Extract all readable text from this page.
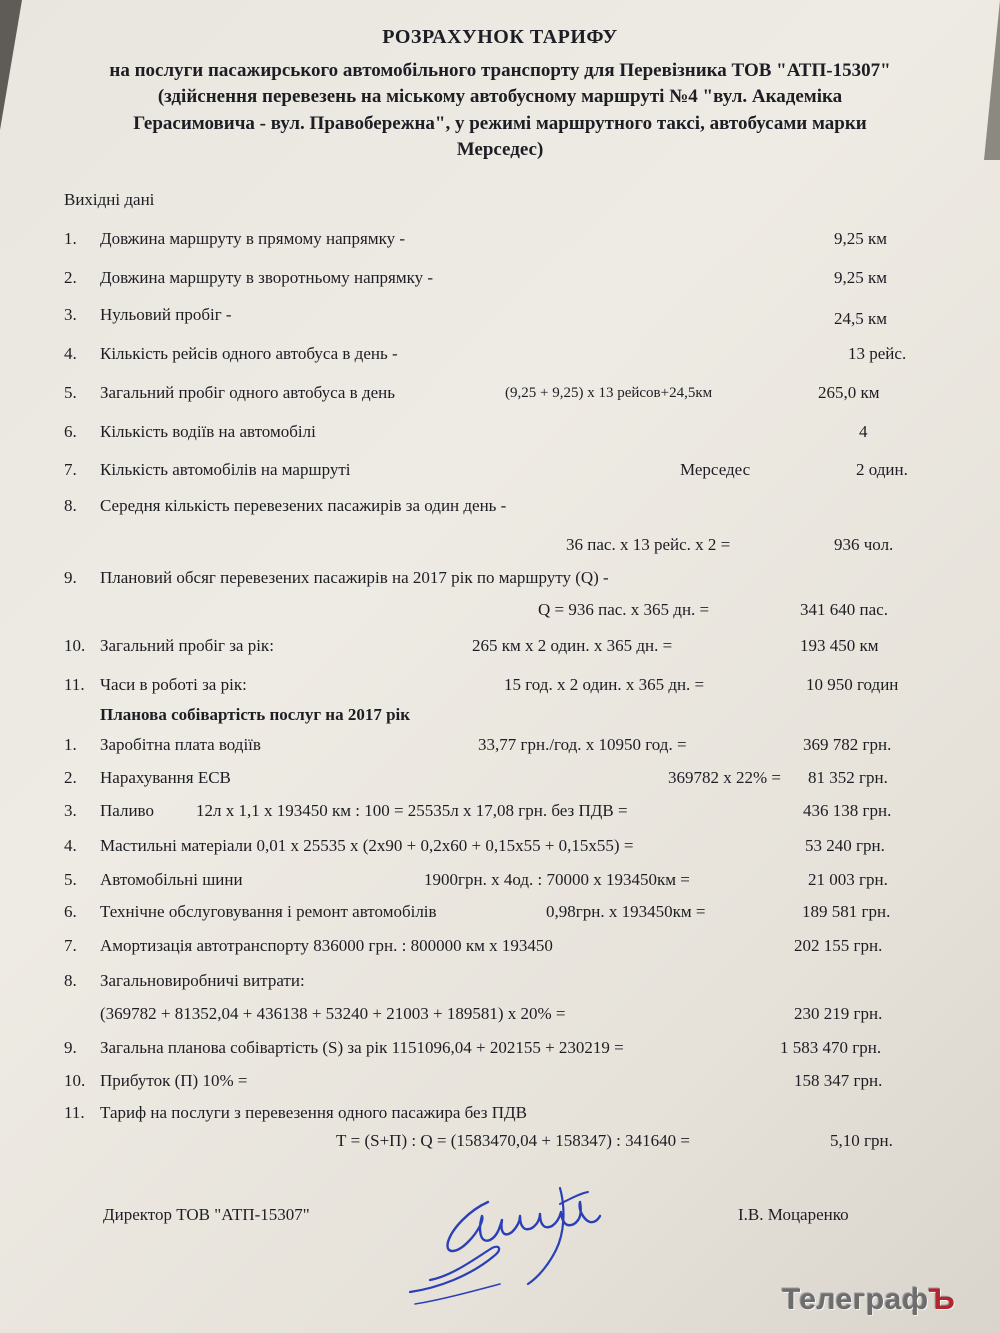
РОЗРАХУНОК ТАРИФУ
на послуги пасажирського автомобільного транспорту для Перевізника ТОВ "АТП-15307"
(здійснення перевезень на міському автобусному маршруті №4 "вул. Академіка
Герасимовича - вул. Правобережна", у режимі маршрутного таксі, автобусами марки
Мерседес)
Вихідні дані
1. Довжина маршруту в прямому напрямку -	9,25 км
2. Довжина маршруту в зворотньому напрямку -	9,25 км
3. Нульовий пробіг -	24,5 км
4. Кількість рейсів одного автобуса в день -	13 рейс.
5. Загальний пробіг одного автобуса в день	(9,25 + 9,25) х 13 рейсов+24,5км	265,0 км
6. Кількість водіїв на автомобілі	4
7. Кількість автомобілів на маршруті	Мерседес	2 один.
8. Середня кількість перевезених пасажирів за один день -
36 пас. х 13 рейс. х 2 =	936 чол.
9. Плановий обсяг перевезених пасажирів на 2017 рік по маршруту (Q) -
Q = 936 пас. х 365 дн. =	341 640 пас.
10. Загальний пробіг за рік:	265 км х 2 один. х 365 дн. =	193 450 км
11. Часи в роботі за рік:	15 год. х 2 один. х 365 дн. =	10 950 годин
Планова собівартість послуг на 2017 рік
1. Заробітна плата водіїв	33,77 грн./год. х 10950 год. =	369 782 грн.
2. Нарахування ЕСВ	369782 х 22% = 81 352 грн.
3. Паливо 12л х 1,1 х 193450 км : 100 = 25535л х 17,08 грн. без ПДВ =	436 138 грн.
4. Мастильні матеріали 0,01 х 25535 х (2х90 + 0,2х60 + 0,15х55 + 0,15х55) =	53 240 грн.
5. Автомобільні шини	1900грн. х 4од. : 70000 х 193450км =	21 003 грн.
6. Технічне обслуговування і ремонт автомобілів	0,98грн. х 193450км =	189 581 грн.
7. Амортизація автотранспорту 836000 грн. : 800000 км х 193450	202 155 грн.
8. Загальновиробничі витрати:
(369782 + 81352,04 + 436138 + 53240 + 21003 + 189581) х 20% =	230 219 грн.
9. Загальна планова собівартість (S) за рік 1151096,04 + 202155 + 230219 =	1 583 470 грн.
10. Прибуток (П) 10% =	158 347 грн.
11. Тариф на послуги з перевезення одного пасажира без ПДВ
Т = (S+П) : Q = (1583470,04 + 158347) : 341640 =	5,10 грн.
Директор ТОВ "АТП-15307"	І.В. Моцаренко
ТелеграфЪ
